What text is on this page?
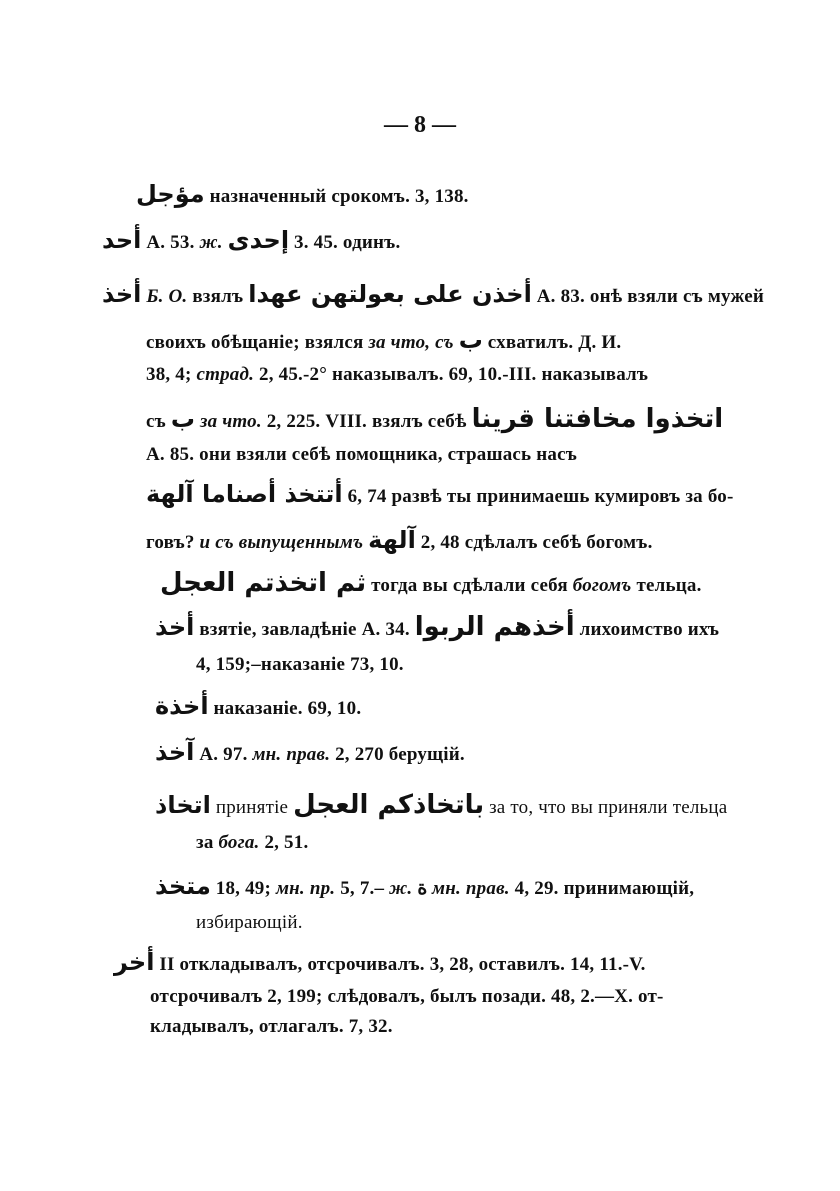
— 8 —
مؤجل назначенный срокомъ. 3, 138.
أحد А. 53. ж. إحدى 3. 45. одинъ.
أخذ Б. О. взялъ أخذن على بعولتهن عهدا А. 83. онѣ взяли съ мужей
своихъ обѣщаніе; взялся за что, съ ب схватилъ. Д. И.
38, 4; страд. 2, 45.-2° наказывалъ. 69, 10.-III. наказывалъ
съ ب за что. 2, 225. VIII. взялъ себѣ اتخذوا مخافتنا قرينا
А. 85. они взяли себѣ помощника, страшась насъ
أتتخذ أصناما آلهة 6, 74 развѣ ты принимаешь кумировъ за бо-
говъ? и съ выпущеннымъ آلهة 2, 48 сдѣлалъ себѣ богомъ.
ثم اتخذتم العجل тогда вы сдѣлали себя богомъ тельца.
أخذ взятіе, завладѣніе А. 34. أخذهم الربوا лихоимство ихъ
4, 159;–наказаніе 73, 10.
أخذة наказаніе. 69, 10.
آخذ А. 97. мн. прав. 2, 270 берущій.
اتخاذ принятіе باتخاذكم العجل за то, что вы приняли тельца
за бога. 2, 51.
متخذ 18, 49; мн. пр. 5, 7.– ж. ة мн. прав. 4, 29. принимающій,
избирающій.
أخر II откладывалъ, отсрочивалъ. 3, 28, оставилъ. 14, 11.-V.
отсрочивалъ 2, 199; слѣдовалъ, былъ позади. 48, 2.—X. от-
кладывалъ, отлагалъ. 7, 32.
